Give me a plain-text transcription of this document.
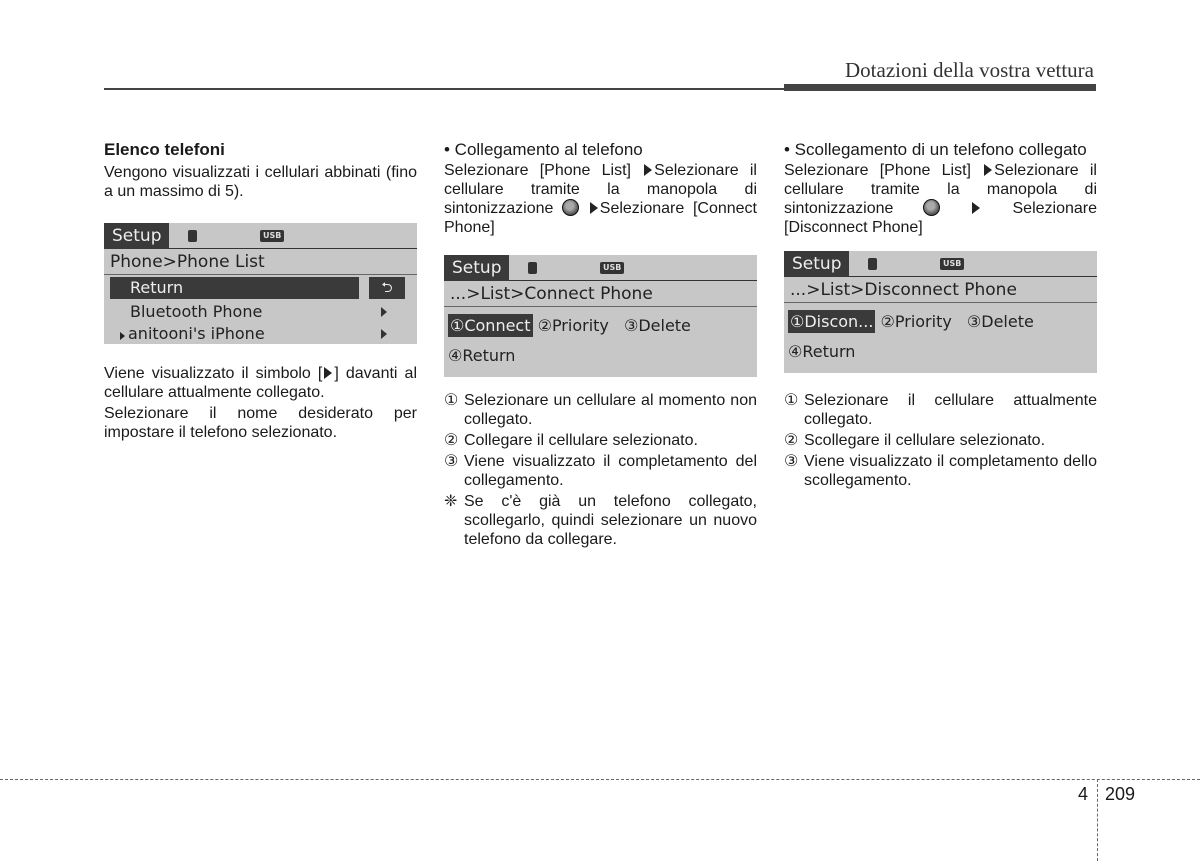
Dotazioni della vostra vettura
Elenco telefoni

Vengono visualizzati i cellulari abbinati (fino a un massimo di 5).

Setup	USB
Phone>Phone List
Return	⮌
Bluetooth Phone
anitooni's iPhone

Viene visualizzato il simbolo [ ] davanti al cellulare attualmente collegato.

Selezionare il nome desiderato per impostare il telefono selezionato.

• Collegamento al telefono

Selezionare [Phone List] Selezionare il cellulare tramite la manopola di sintonizzazione	Selezionare [Connect Phone]

Setup	USB
...>List>Connect Phone
①Connect ②Priority ③Delete
④Return
① Selezionare un cellulare al momento non collegato.
② Collegare il cellulare selezionato.
③ Viene visualizzato il completamento del collegamento.
❈ Se c'è già un telefono collegato, scollegarlo, quindi selezionare un nuovo telefono da collegare.
• Scollegamento di un telefono collegato

Selezionare [Phone List] Selezionare il cellulare tramite la manopola di sintonizzazione	Selezionare [Disconnect Phone]

Setup	USB
...>List>Disconnect Phone
①Discon... ②Priority ③Delete
④Return
① Selezionare il cellulare attualmente collegato.
② Scollegare il cellulare selezionato.
③ Viene visualizzato il completamento dello scollegamento.
4 209
